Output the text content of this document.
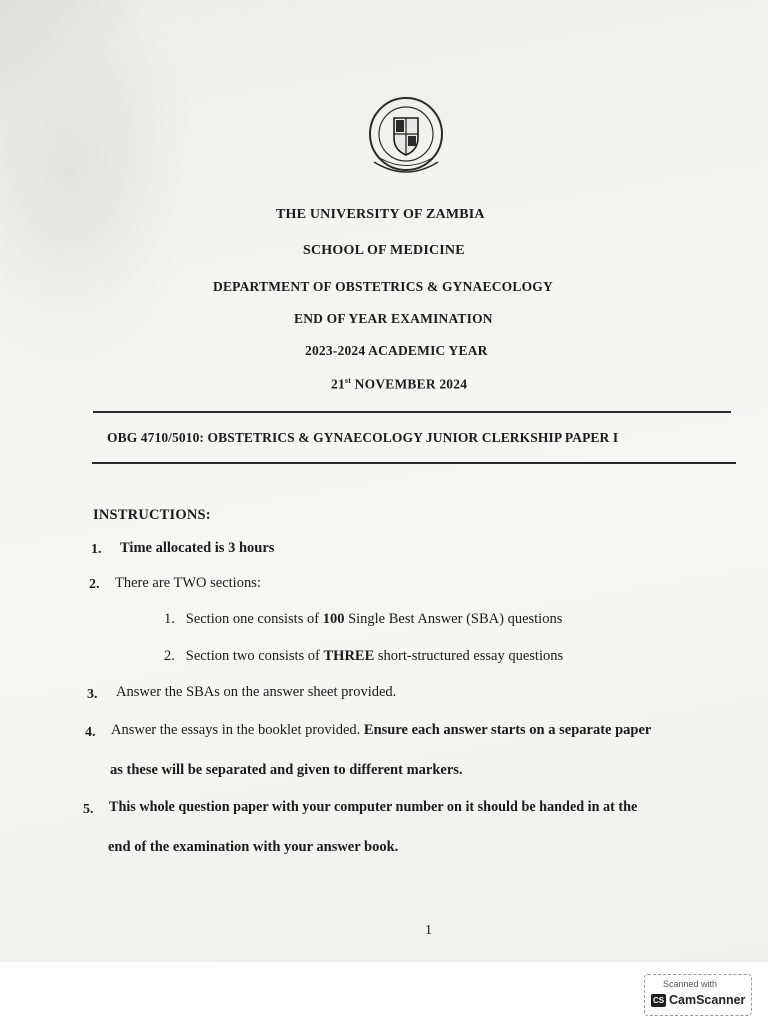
THE UNIVERSITY OF ZAMBIA
SCHOOL OF MEDICINE
DEPARTMENT OF OBSTETRICS & GYNAECOLOGY
END OF YEAR EXAMINATION
2023-2024 ACADEMIC YEAR
21st NOVEMBER 2024
OBG 4710/5010: OBSTETRICS & GYNAECOLOGY JUNIOR CLERKSHIP PAPER I
INSTRUCTIONS:
1. Time allocated is 3 hours
2. There are TWO sections:
1. Section one consists of 100 Single Best Answer (SBA) questions
2. Section two consists of THREE short-structured essay questions
3. Answer the SBAs on the answer sheet provided.
4. Answer the essays in the booklet provided. Ensure each answer starts on a separate paper
as these will be separated and given to different markers.
5. This whole question paper with your computer number on it should be handed in at the
end of the examination with your answer book.
1
Scanned with
CS CamScanner
